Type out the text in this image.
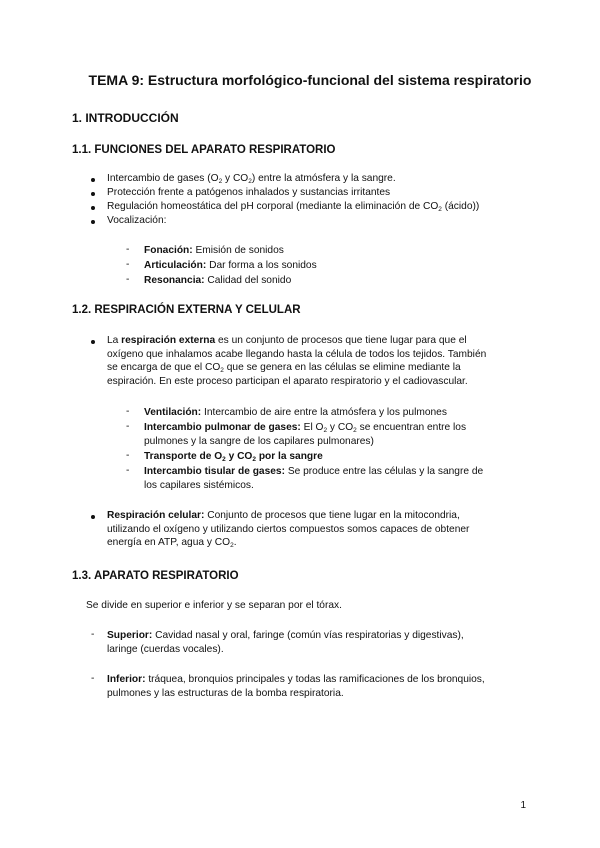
TEMA 9: Estructura morfológico-funcional del sistema respiratorio
1. INTRODUCCIÓN
1.1. FUNCIONES DEL APARATO RESPIRATORIO
Intercambio de gases ($O_2$ y $CO_2$) entre la atmósfera y la sangre.
Protección frente a patógenos inhalados y sustancias irritantes
Regulación homeostática del pH corporal (mediante la eliminación de $CO_2$ (ácido))
Vocalización:
- Fonación: Emisión de sonidos
- Articulación: Dar forma a los sonidos
- Resonancia: Calidad del sonido
1.2. RESPIRACIÓN EXTERNA Y CELULAR
La respiración externa es un conjunto de procesos que tiene lugar para que el
oxígeno que inhalamos acabe llegando hasta la célula de todos los tejidos. También
se encarga de que el $CO_2$ que se genera en las células se elimine mediante la
espiración. En este proceso participan el aparato respiratorio y el cadiovascular.
- Ventilación: Intercambio de aire entre la atmósfera y los pulmones
- Intercambio pulmonar de gases: El $O_2$ y $CO_2$ se encuentran entre los
pulmones y la sangre de los capilares pulmonares)
- Transporte de $O_2$ y $CO_2$ por la sangre
- Intercambio tisular de gases: Se produce entre las células y la sangre de
los capilares sistémicos.
Respiración celular: Conjunto de procesos que tiene lugar en la mitocondria,
utilizando el oxígeno y utilizando ciertos compuestos somos capaces de obtener
energía en ATP, agua y $CO_2$.
1.3. APARATO RESPIRATORIO
Se divide en superior e inferior y se separan por el tórax.
- Superior: Cavidad nasal y oral, faringe (común vías respiratorias y digestivas),
laringe (cuerdas vocales).
- Inferior: tráquea, bronquios principales y todas las ramificaciones de los bronquios,
pulmones y las estructuras de la bomba respiratoria.
1
